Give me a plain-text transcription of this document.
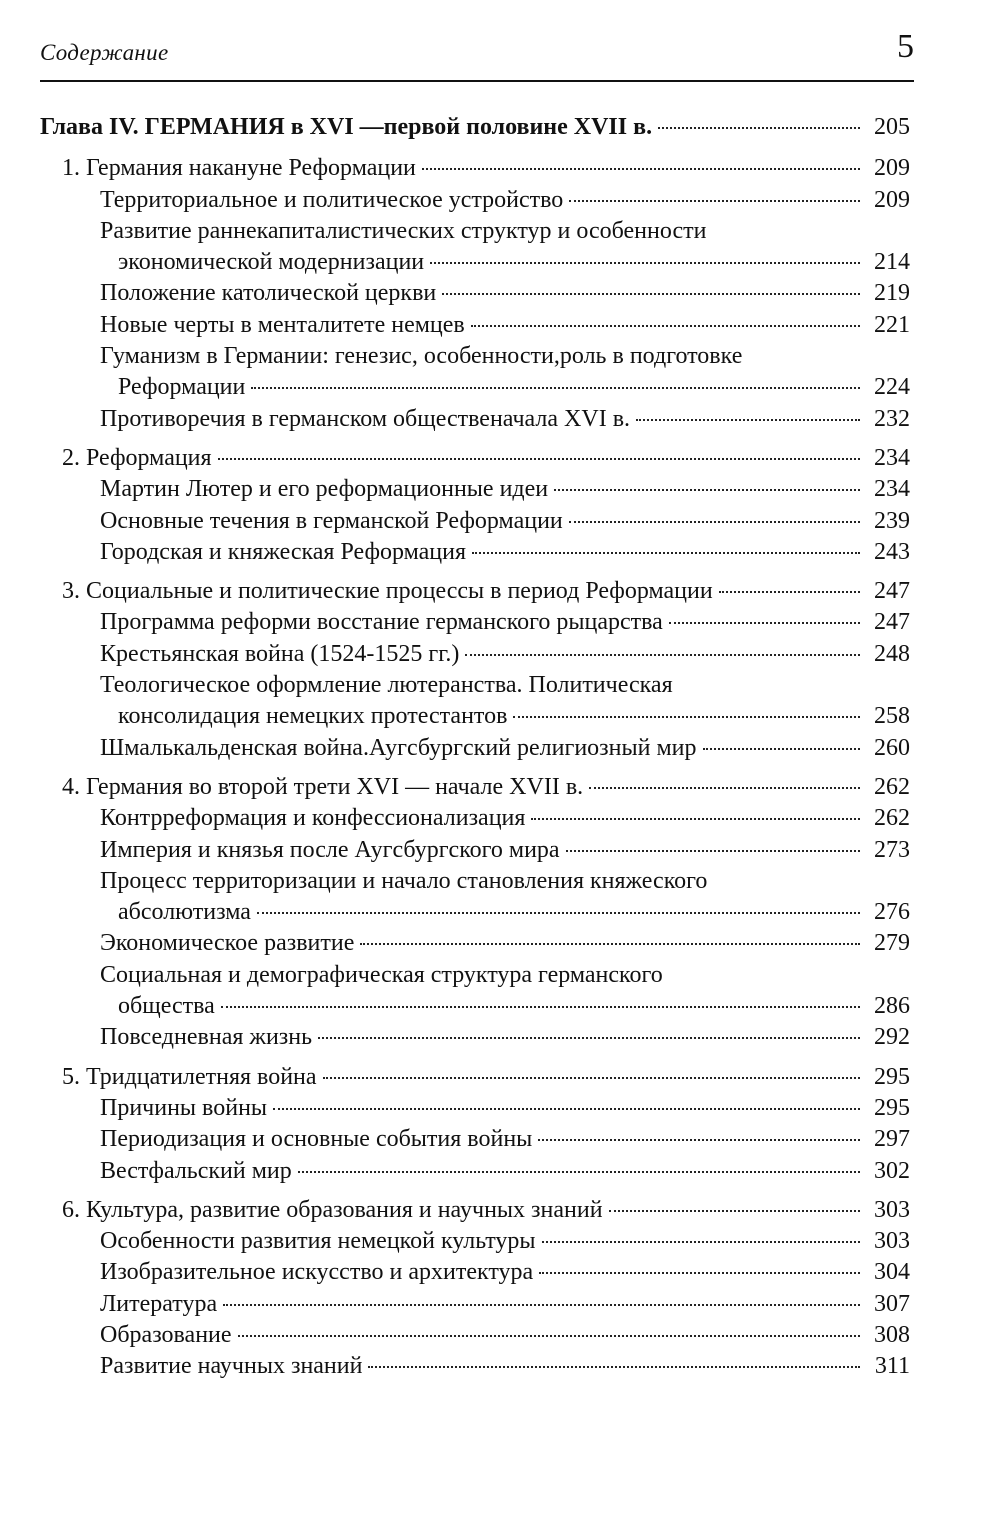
Содержание	5
Глава IV. ГЕРМАНИЯ в XVI —первой половине XVII в.	205
1. Германия накануне Реформации	209
Территориальное и политическое устройство	209
Развитие раннекапиталистических структур и особенности
экономической модернизации	214
Положение католической церкви	219
Новые черты в менталитете немцев	221
Гуманизм в Германии: генезис, особенности,роль в подготовке
Реформации	224
Противоречия в германском общественачала XVI в.	232
2. Реформация	234
Мартин Лютер и его реформационные идеи	234
Основные течения в германской Реформации	239
Городская и княжеская Реформация	243
3. Социальные и политические процессы в период Реформации	247
Программа реформи восстание германского рыцарства	247
Крестьянская война (1524-1525 гг.)	248
Теологическое оформление лютеранства. Политическая
консолидация немецких протестантов	258
Шмалькальденская война.Аугсбургский религиозный мир	260
4. Германия во второй трети XVI — начале XVII в.	262
Контрреформация и конфессионализация	262
Империя и князья после Аугсбургского мира	273
Процесс территоризации и начало становления княжеского
абсолютизма	276
Экономическое развитие	279
Социальная и демографическая структура германского
общества	286
Повседневная жизнь	292
5. Тридцатилетняя война	295
Причины войны	295
Периодизация и основные события войны	297
Вестфальский мир	302
6. Культура, развитие образования и научных знаний	303
Особенности развития немецкой культуры	303
Изобразительное искусство и архитектура	304
Литература	307
Образование	308
Развитие научных знаний	311
